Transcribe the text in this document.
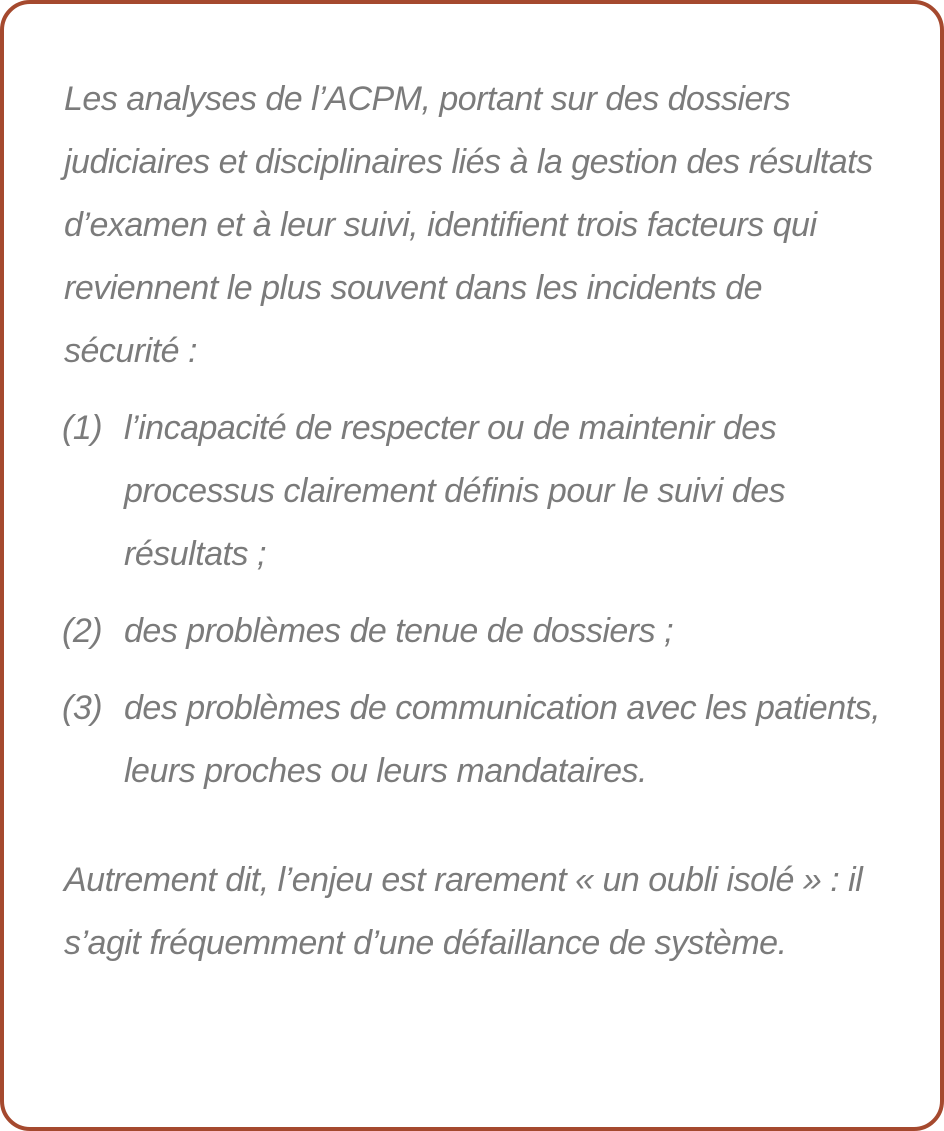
Les analyses de l’ACPM, portant sur des dossiers judiciaires et disciplinaires liés à la gestion des résultats d’examen et à leur suivi, identifient trois facteurs qui reviennent le plus souvent dans les incidents de sécurité :

(1) l’incapacité de respecter ou de maintenir des processus clairement définis pour le suivi des résultats ;
(2) des problèmes de tenue de dossiers ;
(3) des problèmes de communication avec les patients, leurs proches ou leurs mandataires.

Autrement dit, l’enjeu est rarement « un oubli isolé » : il s’agit fréquemment d’une défaillance de système.
